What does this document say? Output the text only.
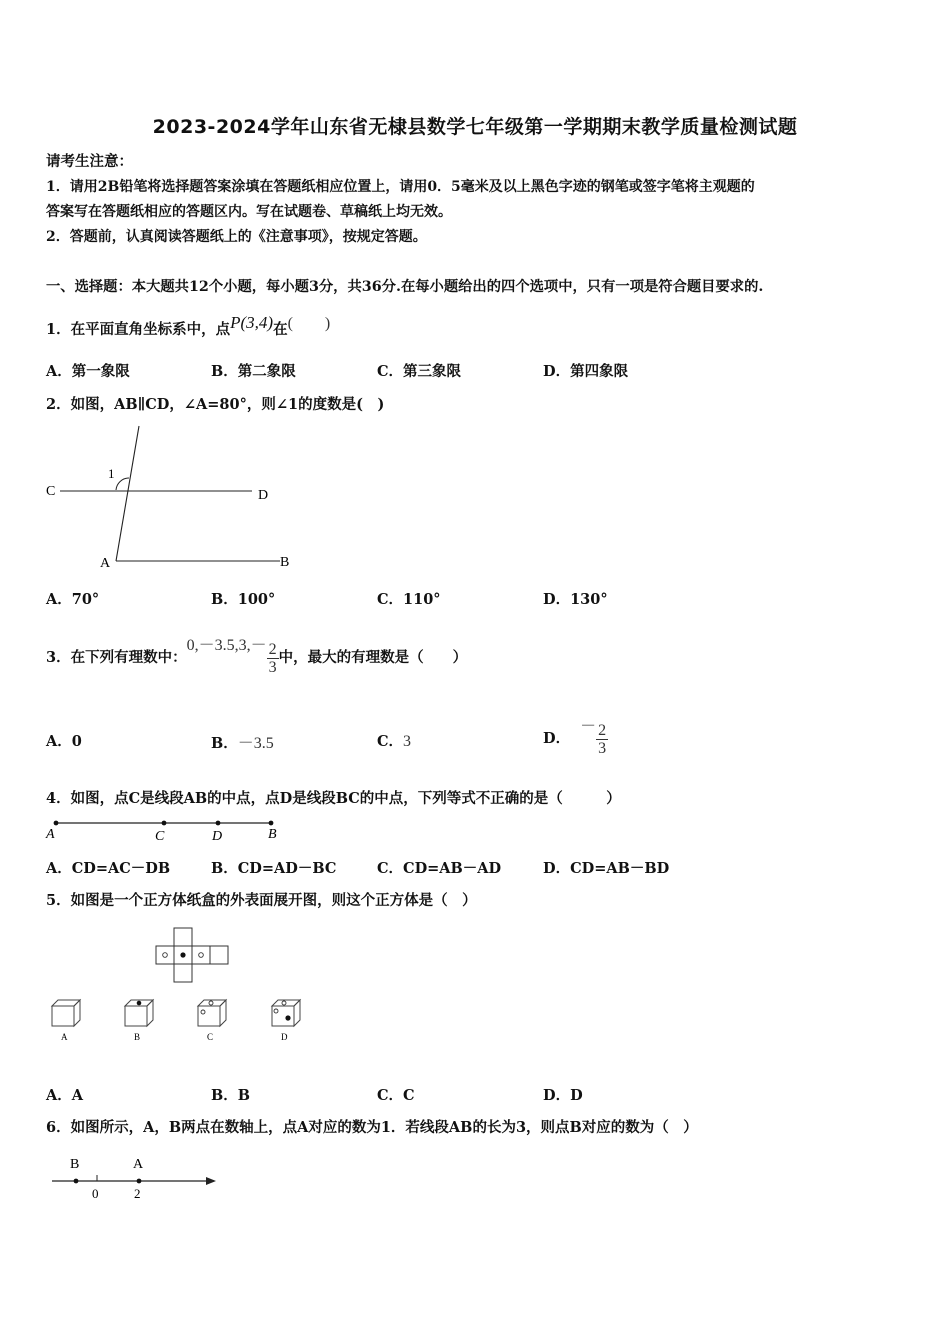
2023-2024学年山东省无棣县数学七年级第一学期期末教学质量检测试题
请考生注意：
1．请用2B铅笔将选择题答案涂填在答题纸相应位置上，请用0．5毫米及以上黑色字迹的钢笔或签字笔将主观题的
答案写在答题纸相应的答题区内。写在试题卷、草稿纸上均无效。
2．答题前，认真阅读答题纸上的《注意事项》，按规定答题。
一、选择题：本大题共12个小题，每小题3分，共36分.在每小题给出的四个选项中，只有一项是符合题目要求的.
1．在平面直角坐标系中，点P(3,4)在(　　)
A．第一象限	B．第二象限	C．第三象限	D．第四象限
2．如图，AB∥CD，∠A=80°，则∠1的度数是(　)
C	D
A	B
1
A．70°	B．100°	C．110°	D．130°
3．在下列有理数中：$0,-3.5,3,- \frac{2}{3}$ 中，最大的有理数是（　　）
A．0	B．－3.5	C．3	D．－ $\frac{2}{3}$
4．如图，点C是线段AB的中点，点D是线段BC的中点，下列等式不正确的是（　　　）
A	C	D	B
A．CD=AC－DB	B．CD=AD－BC	C．CD=AB－AD	D．CD=AB－BD
5．如图是一个正方体纸盒的外表面展开图，则这个正方体是（　）
A	B	C	D
A．A	B．B	C．C	D．D
6．如图所示，A，B两点在数轴上，点A对应的数为1．若线段AB的长为3，则点B对应的数为（　）
B	A
0	2
